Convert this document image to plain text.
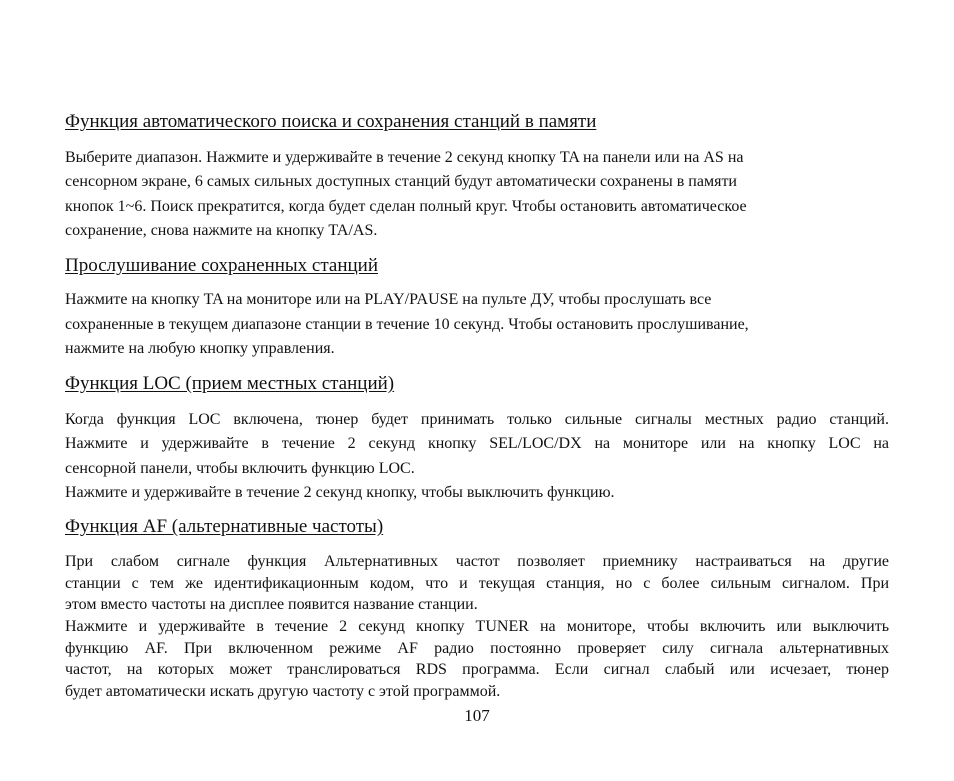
Функция автоматического поиска и сохранения станций в памяти
Выберите диапазон. Нажмите и удерживайте в течение 2 секунд кнопку TA на панели или на AS на
сенсорном экране, 6 самых сильных доступных станций будут автоматически сохранены в памяти
кнопок 1~6. Поиск прекратится, когда будет сделан полный круг. Чтобы остановить автоматическое
сохранение, снова нажмите на кнопку TA/AS.
Прослушивание сохраненных станций
Нажмите на кнопку TA на мониторе или на PLAY/PAUSE на пульте ДУ, чтобы прослушать все
сохраненные в текущем диапазоне станции в течение 10 секунд. Чтобы остановить прослушивание,
нажмите на любую кнопку управления.
Функция LOC (прием местных станций)
Когда функция LOC включена, тюнер будет принимать только сильные сигналы местных радио станций.
Нажмите и удерживайте в течение 2 секунд кнопку SEL/LOC/DX на мониторе или на кнопку LOC на
сенсорной панели, чтобы включить функцию LOC.
Нажмите и удерживайте в течение 2 секунд кнопку, чтобы выключить функцию.
Функция AF (альтернативные частоты)
При слабом сигнале функция Альтернативных частот позволяет приемнику настраиваться на другие
станции с тем же идентификационным кодом, что и текущая станция, но с более сильным сигналом. При
этом вместо частоты на дисплее появится название станции.
Нажмите и удерживайте в течение 2 секунд кнопку TUNER на мониторе, чтобы включить или выключить
функцию AF. При включенном режиме AF радио постоянно проверяет силу сигнала альтернативных
частот, на которых может транслироваться RDS программа. Если сигнал слабый или исчезает, тюнер
будет автоматически искать другую частоту с этой программой.
107
